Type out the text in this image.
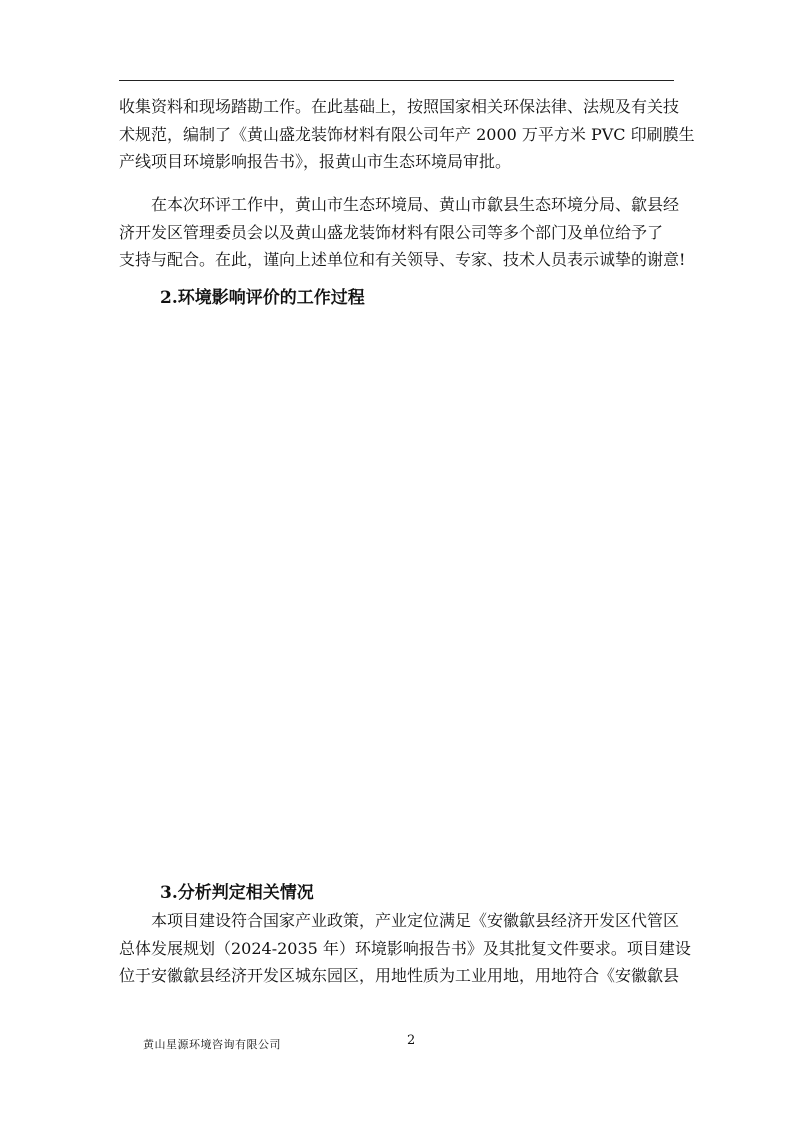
收集资料和现场踏勘工作。在此基础上，按照国家相关环保法律、法规及有关技
术规范，编制了《黄山盛龙装饰材料有限公司年产 2000 万平方米 PVC 印刷膜生
产线项目环境影响报告书》，报黄山市生态环境局审批。
在本次环评工作中，黄山市生态环境局、黄山市歙县生态环境分局、歙县经
济开发区管理委员会以及黄山盛龙装饰材料有限公司等多个部门及单位给予了
支持与配合。在此，谨向上述单位和有关领导、专家、技术人员表示诚挚的谢意!
2.环境影响评价的工作过程
3.分析判定相关情况
本项目建设符合国家产业政策，产业定位满足《安徽歙县经济开发区代管区
总体发展规划（2024-2035 年）环境影响报告书》及其批复文件要求。项目建设
位于安徽歙县经济开发区城东园区，用地性质为工业用地，用地符合《安徽歙县
黄山星源环境咨询有限公司	2
